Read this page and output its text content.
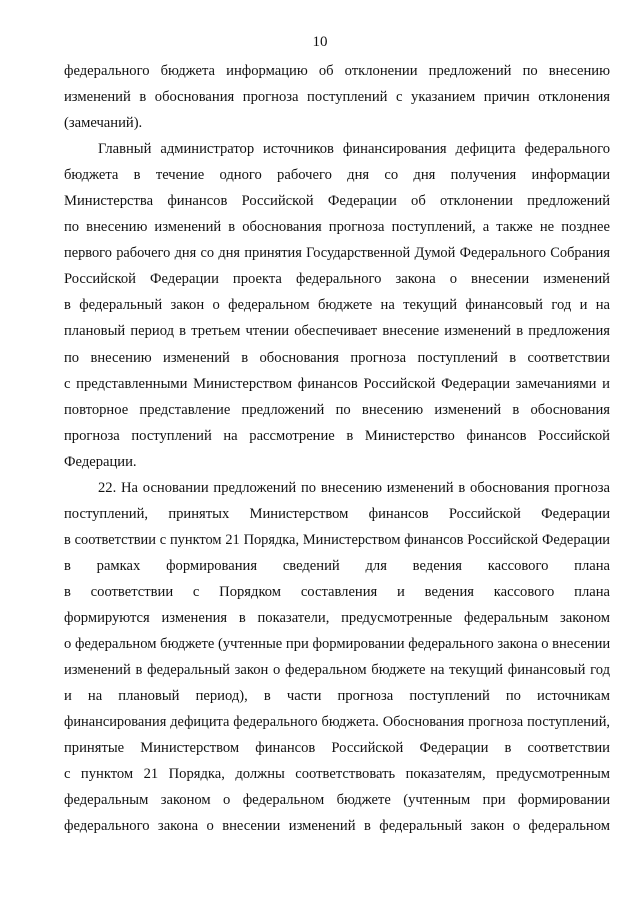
10
федерального бюджета информацию об отклонении предложений по внесению
изменений в обоснования прогноза поступлений с указанием причин отклонения
(замечаний).
Главный администратор источников финансирования дефицита федерального
бюджета в течение одного рабочего дня со дня получения информации
Министерства финансов Российской Федерации об отклонении предложений
по внесению изменений в обоснования прогноза поступлений, а также не позднее
первого рабочего дня со дня принятия Государственной Думой Федерального Собрания
Российской Федерации проекта федерального закона о внесении изменений
в федеральный закон о федеральном бюджете на текущий финансовый год и на
плановый период в третьем чтении обеспечивает внесение изменений в предложения
по внесению изменений в обоснования прогноза поступлений в соответствии
с представленными Министерством финансов Российской Федерации замечаниями и
повторное представление предложений по внесению изменений в обоснования
прогноза поступлений на рассмотрение в Министерство финансов Российской
Федерации.
22. На основании предложений по внесению изменений в обоснования прогноза
поступлений, принятых Министерством финансов Российской Федерации
в соответствии с пунктом 21 Порядка, Министерством финансов Российской Федерации
в рамках формирования сведений для ведения кассового плана
в соответствии с Порядком составления и ведения кассового плана
формируются изменения в показатели, предусмотренные федеральным законом
о федеральном бюджете (учтенные при формировании федерального закона о внесении
изменений в федеральный закон о федеральном бюджете на текущий финансовый год
и на плановый период), в части прогноза поступлений по источникам
финансирования дефицита федерального бюджета. Обоснования прогноза поступлений,
принятые Министерством финансов Российской Федерации в соответствии
с пунктом 21 Порядка, должны соответствовать показателям, предусмотренным
федеральным законом о федеральном бюджете (учтенным при формировании
федерального закона о внесении изменений в федеральный закон о федеральном
